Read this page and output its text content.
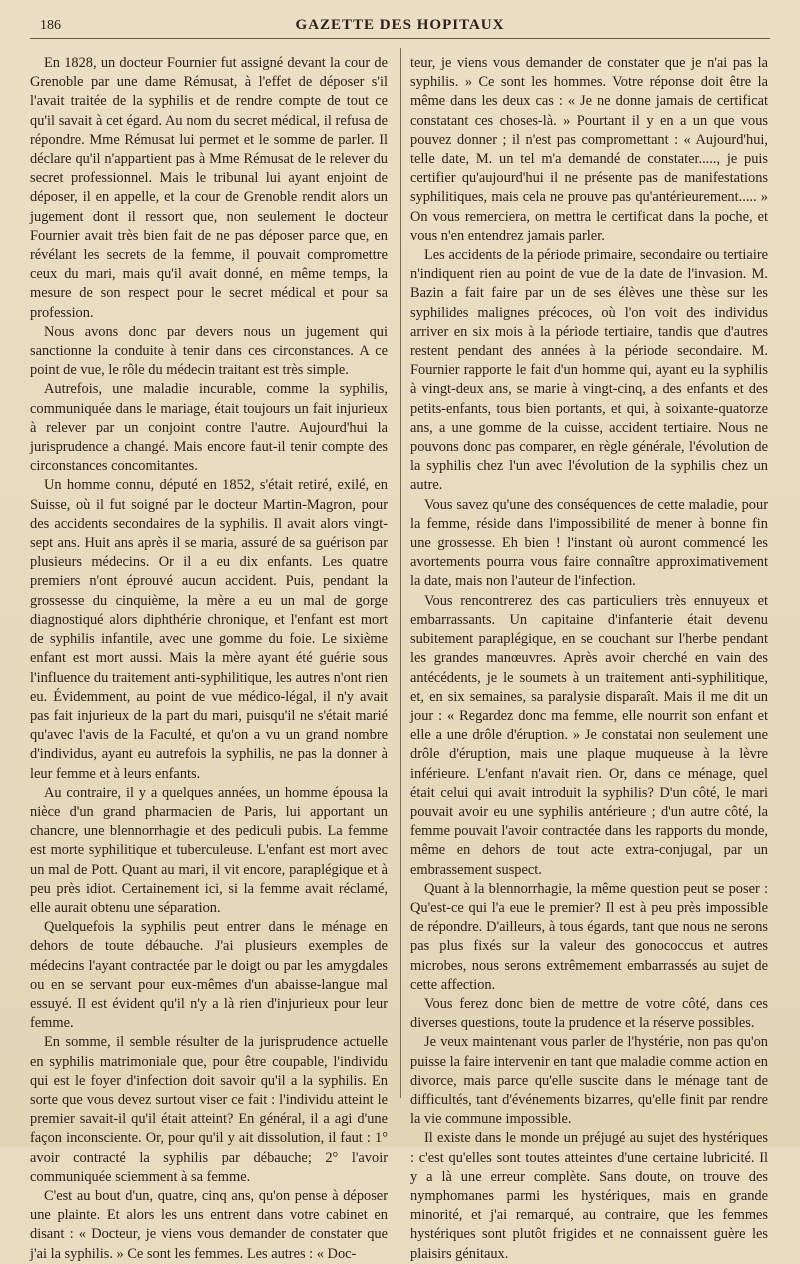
186	GAZETTE DES HOPITAUX

En 1828, un docteur Fournier fut assigné devant la cour de Grenoble par une dame Rémusat, à l'effet de déposer s'il l'avait traitée de la syphilis et de rendre compte de tout ce qu'il savait à cet égard. Au nom du secret médical, il refusa de répondre. Mme Rémusat lui permet et le somme de parler. Il déclare qu'il n'appartient pas à Mme Rémusat de le relever du secret professionnel. Mais le tribunal lui ayant enjoint de déposer, il en appelle, et la cour de Grenoble rendit alors un jugement dont il ressort que, non seulement le docteur Fournier avait très bien fait de ne pas déposer parce que, en révélant les secrets de la femme, il pouvait compromettre ceux du mari, mais qu'il avait donné, en même temps, la mesure de son respect pour le secret médical et pour sa profession.

Nous avons donc par devers nous un jugement qui sanctionne la conduite à tenir dans ces circonstances. A ce point de vue, le rôle du médecin traitant est très simple.

Autrefois, une maladie incurable, comme la syphilis, communiquée dans le mariage, était toujours un fait injurieux à relever par un conjoint contre l'autre. Aujourd'hui la jurisprudence a changé. Mais encore faut-il tenir compte des circonstances concomitantes.

Un homme connu, député en 1852, s'était retiré, exilé, en Suisse, où il fut soigné par le docteur Martin-Magron, pour des accidents secondaires de la syphilis. Il avait alors vingt-sept ans. Huit ans après il se maria, assuré de sa guérison par plusieurs médecins. Or il a eu dix enfants. Les quatre premiers n'ont éprouvé aucun accident. Puis, pendant la grossesse du cinquième, la mère a eu un mal de gorge diagnostiqué alors diphthérie chronique, et l'enfant est mort de syphilis infantile, avec une gomme du foie. Le sixième enfant est mort aussi. Mais la mère ayant été guérie sous l'influence du traitement anti-syphilitique, les autres n'ont rien eu. Évidemment, au point de vue médico-légal, il n'y avait pas fait injurieux de la part du mari, puisqu'il ne s'était marié qu'avec l'avis de la Faculté, et qu'on a vu un grand nombre d'individus, ayant eu autrefois la syphilis, ne pas la donner à leur femme et à leurs enfants.

Au contraire, il y a quelques années, un homme épousa la nièce d'un grand pharmacien de Paris, lui apportant un chancre, une blennorrhagie et des pediculi pubis. La femme est morte syphilitique et tuberculeuse. L'enfant est mort avec un mal de Pott. Quant au mari, il vit encore, paraplégique et à peu près idiot. Certainement ici, si la femme avait réclamé, elle aurait obtenu une séparation.

Quelquefois la syphilis peut entrer dans le ménage en dehors de toute débauche. J'ai plusieurs exemples de médecins l'ayant contractée par le doigt ou par les amygdales ou en se servant pour eux-mêmes d'un abaisse-langue mal essuyé. Il est évident qu'il n'y a là rien d'injurieux pour leur femme.

En somme, il semble résulter de la jurisprudence actuelle en syphilis matrimoniale que, pour être coupable, l'individu qui est le foyer d'infection doit savoir qu'il a la syphilis. En sorte que vous devez surtout viser ce fait : l'individu atteint le premier savait-il qu'il était atteint? En général, il a agi d'une façon inconsciente. Or, pour qu'il y ait dissolution, il faut : 1° avoir contracté la syphilis par débauche; 2° l'avoir communiquée sciemment à sa femme.

C'est au bout d'un, quatre, cinq ans, qu'on pense à déposer une plainte. Et alors les uns entrent dans votre cabinet en disant : « Docteur, je viens vous demander de constater que j'ai la syphilis. » Ce sont les femmes. Les autres : « Doc-

teur, je viens vous demander de constater que je n'ai pas la syphilis. » Ce sont les hommes. Votre réponse doit être la même dans les deux cas : « Je ne donne jamais de certificat constatant ces choses-là. » Pourtant il y en a un que vous pouvez donner ; il n'est pas compromettant : « Aujourd'hui, telle date, M. un tel m'a demandé de constater....., je puis certifier qu'aujourd'hui il ne présente pas de manifestations syphilitiques, mais cela ne prouve pas qu'antérieurement..... » On vous remerciera, on mettra le certificat dans la poche, et vous n'en entendrez jamais parler.

Les accidents de la période primaire, secondaire ou tertiaire n'indiquent rien au point de vue de la date de l'invasion. M. Bazin a fait faire par un de ses élèves une thèse sur les syphilides malignes précoces, où l'on voit des individus arriver en six mois à la période tertiaire, tandis que d'autres restent pendant des années à la période secondaire. M. Fournier rapporte le fait d'un homme qui, ayant eu la syphilis à vingt-deux ans, se marie à vingt-cinq, a des enfants et des petits-enfants, tous bien portants, et qui, à soixante-quatorze ans, a une gomme de la cuisse, accident tertiaire. Nous ne pouvons donc pas comparer, en règle générale, l'évolution de la syphilis chez l'un avec l'évolution de la syphilis chez un autre.

Vous savez qu'une des conséquences de cette maladie, pour la femme, réside dans l'impossibilité de mener à bonne fin une grossesse. Eh bien ! l'instant où auront commencé les avortements pourra vous faire connaître approximativement la date, mais non l'auteur de l'infection.

Vous rencontrerez des cas particuliers très ennuyeux et embarrassants. Un capitaine d'infanterie était devenu subitement paraplégique, en se couchant sur l'herbe pendant les grandes manœuvres. Après avoir cherché en vain des antécédents, je le soumets à un traitement anti-syphilitique, et, en six semaines, sa paralysie disparaît. Mais il me dit un jour : « Regardez donc ma femme, elle nourrit son enfant et elle a une drôle d'éruption. » Je constatai non seulement une drôle d'éruption, mais une plaque muqueuse à la lèvre inférieure. L'enfant n'avait rien. Or, dans ce ménage, quel était celui qui avait introduit la syphilis? D'un côté, le mari pouvait avoir eu une syphilis antérieure ; d'un autre côté, la femme pouvait l'avoir contractée dans les rapports du monde, même en dehors de tout acte extra-conjugal, par un embrassement suspect.

Quant à la blennorrhagie, la même question peut se poser : Qu'est-ce qui l'a eue le premier? Il est à peu près impossible de répondre. D'ailleurs, à tous égards, tant que nous ne serons pas plus fixés sur la valeur des gonococcus et autres microbes, nous serons extrêmement embarrassés au sujet de cette affection.

Vous ferez donc bien de mettre de votre côté, dans ces diverses questions, toute la prudence et la réserve possibles.

Je veux maintenant vous parler de l'hystérie, non pas qu'on puisse la faire intervenir en tant que maladie comme action en divorce, mais parce qu'elle suscite dans le ménage tant de difficultés, tant d'événements bizarres, qu'elle finit par rendre la vie commune impossible.

Il existe dans le monde un préjugé au sujet des hystériques : c'est qu'elles sont toutes atteintes d'une certaine lubricité. Il y a là une erreur complète. Sans doute, on trouve des nymphomanes parmi les hystériques, mais en grande minorité, et j'ai remarqué, au contraire, que les femmes hystériques sont plutôt frigides et ne connaissent guère les plaisirs génitaux.
